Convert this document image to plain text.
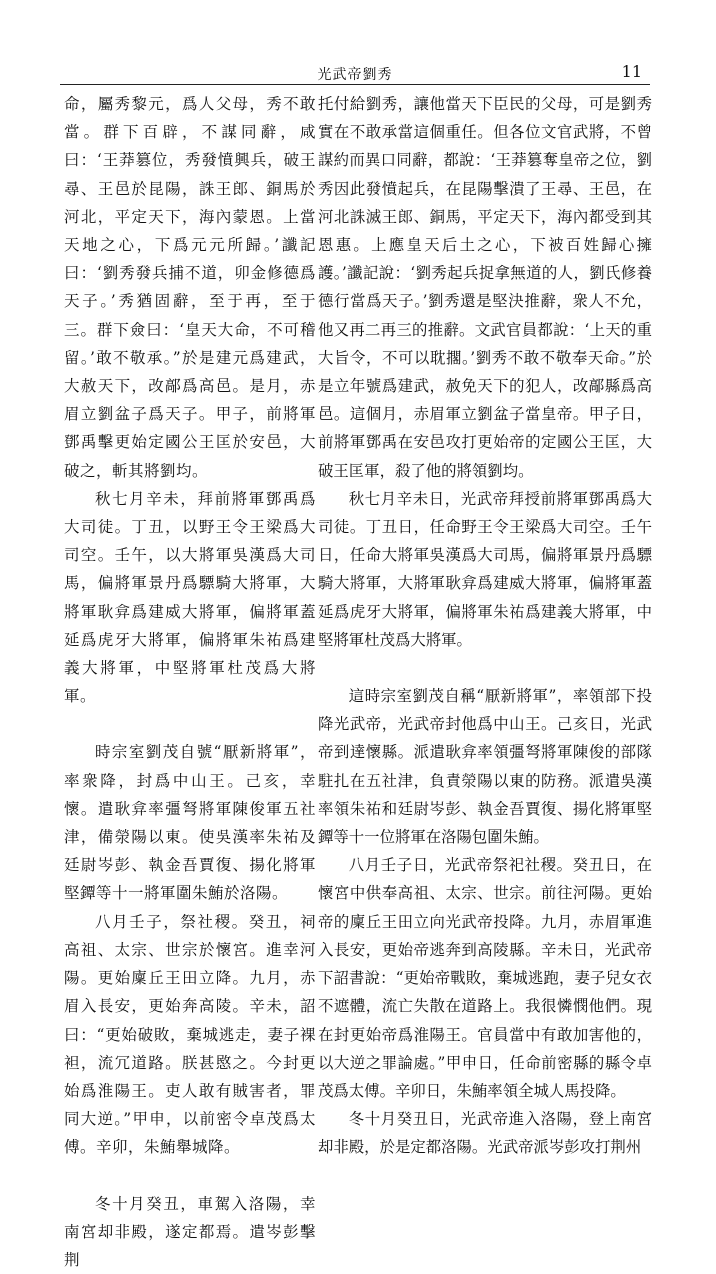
光武帝劉秀	11

命，屬秀黎元，爲人父母，秀不敢當。群下百辟，不謀同辭，咸曰：‘王莽篡位，秀發憤興兵，破王尋、王邑於昆陽，誅王郎、銅馬於河北，平定天下，海內蒙恩。上當天地之心，下爲元元所歸。’讖記曰：‘劉秀發兵捕不道，卯金修德爲天子。’秀猶固辭，至于再，至于三。群下僉曰：‘皇天大命，不可稽留。’敢不敬承。”於是建元爲建武，大赦天下，改鄗爲高邑。是月，赤眉立劉盆子爲天子。甲子，前將軍鄧禹擊更始定國公王匡於安邑，大破之，斬其將劉均。

秋七月辛未，拜前將軍鄧禹爲大司徒。丁丑，以野王令王梁爲大司空。壬午，以大將軍吳漢爲大司馬，偏將軍景丹爲驃騎大將軍，大將軍耿弇爲建威大將軍，偏將軍蓋延爲虎牙大將軍，偏將軍朱祐爲建義大將軍，中堅將軍杜茂爲大將軍。

時宗室劉茂自號“厭新將軍”，率衆降，封爲中山王。己亥，幸懷。遣耿弇率彊弩將軍陳俊軍五社津，備滎陽以東。使吳漢率朱祐及廷尉岑彭、執金吾賈復、揚化將軍堅鐔等十一將軍圍朱鮪於洛陽。

八月壬子，祭社稷。癸丑，祠高祖、太宗、世宗於懷宮。進幸河陽。更始廩丘王田立降。九月，赤眉入長安，更始奔高陵。辛未，詔曰：“更始破敗，棄城逃走，妻子裸袒，流冗道路。朕甚愍之。今封更始爲淮陽王。吏人敢有賊害者，罪同大逆。”甲申，以前密令卓茂爲太傅。辛卯，朱鮪舉城降。

冬十月癸丑，車駕入洛陽，幸南宮却非殿，遂定都焉。遣岑彭擊荆

托付給劉秀，讓他當天下臣民的父母，可是劉秀實在不敢承當這個重任。但各位文官武將，不曾謀約而異口同辭，都說：‘王莽篡奪皇帝之位，劉秀因此發憤起兵，在昆陽擊潰了王尋、王邑，在河北誅滅王郎、銅馬，平定天下，海內都受到其恩惠。上應皇天后土之心，下被百姓歸心擁護。’讖記說：‘劉秀起兵捉拿無道的人，劉氏修養德行當爲天子。’劉秀還是堅決推辭，衆人不允，他又再二再三的推辭。文武官員都說：‘上天的重大旨令，不可以耽擱。’劉秀不敢不敬奉天命。”於是立年號爲建武，赦免天下的犯人，改鄗縣爲高邑。這個月，赤眉軍立劉盆子當皇帝。甲子日，前將軍鄧禹在安邑攻打更始帝的定國公王匡，大破王匡軍，殺了他的將領劉均。

秋七月辛未日，光武帝拜授前將軍鄧禹爲大司徒。丁丑日，任命野王令王梁爲大司空。壬午日，任命大將軍吳漢爲大司馬，偏將軍景丹爲驃騎大將軍，大將軍耿弇爲建威大將軍，偏將軍蓋延爲虎牙大將軍，偏將軍朱祐爲建義大將軍，中堅將軍杜茂爲大將軍。

這時宗室劉茂自稱“厭新將軍”，率領部下投降光武帝，光武帝封他爲中山王。己亥日，光武帝到達懷縣。派遣耿弇率領彊弩將軍陳俊的部隊駐扎在五社津，負責滎陽以東的防務。派遣吳漢率領朱祐和廷尉岑彭、執金吾賈復、揚化將軍堅鐔等十一位將軍在洛陽包圍朱鮪。

八月壬子日，光武帝祭祀社稷。癸丑日，在懷宮中供奉高祖、太宗、世宗。前往河陽。更始帝的廩丘王田立向光武帝投降。九月，赤眉軍進入長安，更始帝逃奔到高陵縣。辛未日，光武帝下詔書說：“更始帝戰敗，棄城逃跑，妻子兒女衣不遮體，流亡失散在道路上。我很憐憫他們。現在封更始帝爲淮陽王。官員當中有敢加害他的，以大逆之罪論處。”甲申日，任命前密縣的縣令卓茂爲太傅。辛卯日，朱鮪率領全城人馬投降。

冬十月癸丑日，光武帝進入洛陽，登上南宮却非殿，於是定都洛陽。光武帝派岑彭攻打荆州
